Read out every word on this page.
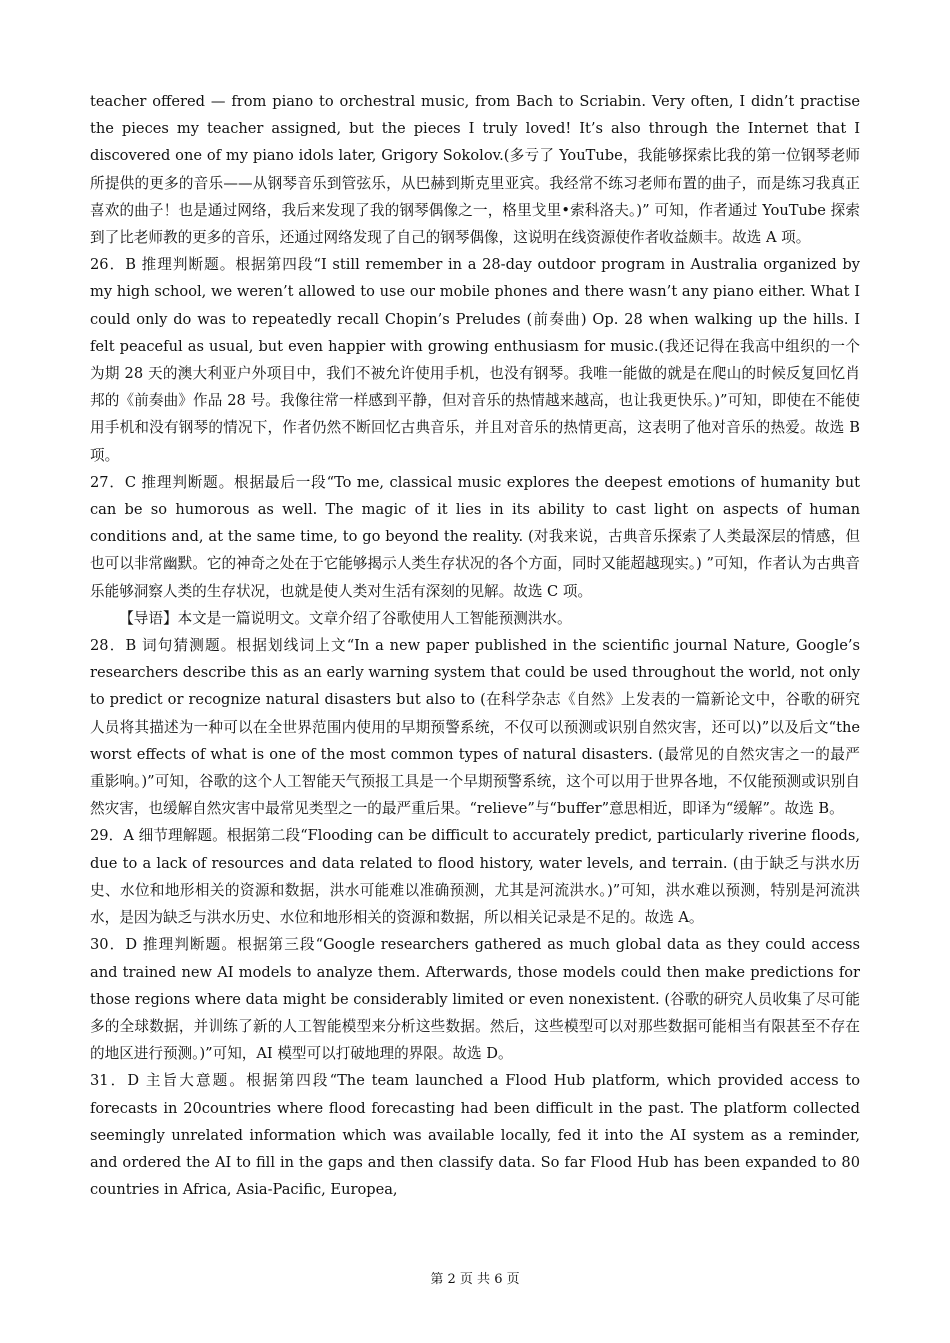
teacher offered — from piano to orchestral music, from Bach to Scriabin. Very often, I didn’t practise the pieces my teacher assigned, but the pieces I truly loved! It’s also through the Internet that I discovered one of my piano idols later, Grigory Sokolov.(多亏了 YouTube，我能够探索比我的第一位钢琴老师所提供的更多的音乐——从钢琴音乐到管弦乐，从巴赫到斯克里亚宾。我经常不练习老师布置的曲子，而是练习我真正喜欢的曲子！也是通过网络，我后来发现了我的钢琴偶像之一，格里戈里•索科洛夫。)” 可知，作者通过 YouTube 探索到了比老师教的更多的音乐，还通过网络发现了自己的钢琴偶像，这说明在线资源使作者收益颇丰。故选 A 项。

26．B 推理判断题。根据第四段“I still remember in a 28-day outdoor program in Australia organized by my high school, we weren’t allowed to use our mobile phones and there wasn’t any piano either. What I could only do was to repeatedly recall Chopin’s Preludes (前奏曲) Op. 28 when walking up the hills. I felt peaceful as usual, but even happier with growing enthusiasm for music.(我还记得在我高中组织的一个为期 28 天的澳大利亚户外项目中，我们不被允许使用手机，也没有钢琴。我唯一能做的就是在爬山的时候反复回忆肖邦的《前奏曲》作品 28 号。我像往常一样感到平静，但对音乐的热情越来越高，也让我更快乐。)”可知，即使在不能使用手机和没有钢琴的情况下，作者仍然不断回忆古典音乐，并且对音乐的热情更高，这表明了他对音乐的热爱。故选 B 项。

27．C 推理判断题。根据最后一段“To me, classical music explores the deepest emotions of humanity but can be so humorous as well. The magic of it lies in its ability to cast light on aspects of human conditions and, at the same time, to go beyond the reality. (对我来说，古典音乐探索了人类最深层的情感，但也可以非常幽默。它的神奇之处在于它能够揭示人类生存状况的各个方面，同时又能超越现实。) ”可知，作者认为古典音乐能够洞察人类的生存状况，也就是使人类对生活有深刻的见解。故选 C 项。

【导语】本文是一篇说明文。文章介绍了谷歌使用人工智能预测洪水。

28．B 词句猜测题。根据划线词上文“In a new paper published in the scientific journal Nature, Google’s researchers describe this as an early warning system that could be used throughout the world, not only to predict or recognize natural disasters but also to (在科学杂志《自然》上发表的一篇新论文中，谷歌的研究人员将其描述为一种可以在全世界范围内使用的早期预警系统，不仅可以预测或识别自然灾害，还可以)”以及后文“the worst effects of what is one of the most common types of natural disasters. (最常见的自然灾害之一的最严重影响。)”可知，谷歌的这个人工智能天气预报工具是一个早期预警系统，这个可以用于世界各地，不仅能预测或识别自然灾害，也缓解自然灾害中最常见类型之一的最严重后果。“relieve”与“buffer”意思相近，即译为“缓解”。故选 B。

29．A 细节理解题。根据第二段“Flooding can be difficult to accurately predict, particularly riverine floods, due to a lack of resources and data related to flood history, water levels, and terrain. (由于缺乏与洪水历史、水位和地形相关的资源和数据，洪水可能难以准确预测，尤其是河流洪水。)”可知，洪水难以预测，特别是河流洪水，是因为缺乏与洪水历史、水位和地形相关的资源和数据，所以相关记录是不足的。故选 A。

30．D 推理判断题。根据第三段“Google researchers gathered as much global data as they could access and trained new AI models to analyze them. Afterwards, those models could then make predictions for those regions where data might be considerably limited or even nonexistent. (谷歌的研究人员收集了尽可能多的全球数据，并训练了新的人工智能模型来分析这些数据。然后，这些模型可以对那些数据可能相当有限甚至不存在的地区进行预测。)”可知，AI 模型可以打破地理的界限。故选 D。

31．D 主旨大意题。根据第四段“The team launched a Flood Hub platform, which provided access to forecasts in 20countries where flood forecasting had been difficult in the past. The platform collected seemingly unrelated information which was available locally, fed it into the AI system as a reminder, and ordered the AI to fill in the gaps and then classify data. So far Flood Hub has been expanded to 80 countries in Africa, Asia-Pacific, Europea,

第 2 页 共 6 页
